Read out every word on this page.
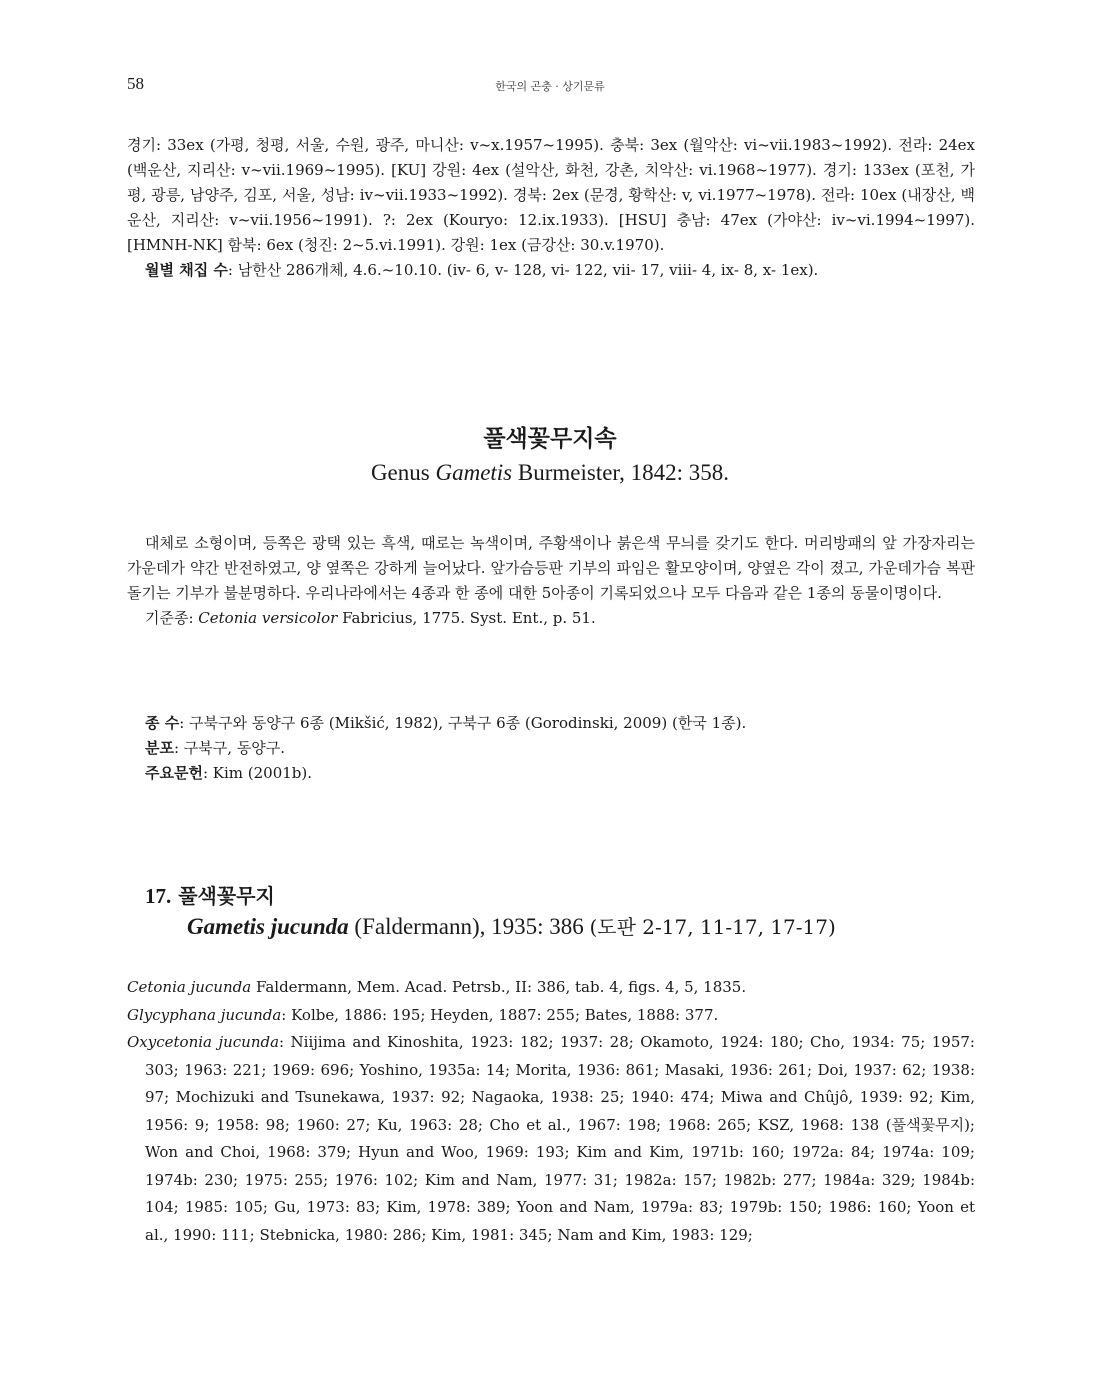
58	한국의 곤충 · 상기문류

경기: 33ex (가평, 청평, 서울, 수원, 광주, 마니산: v~x.1957~1995). 충북: 3ex (월악산: vi~vii.1983~1992). 전라: 24ex (백운산, 지리산: v~vii.1969~1995). [KU] 강원: 4ex (설악산, 화천, 강촌, 치악산: vi.1968~1977). 경기: 133ex (포천, 가평, 광릉, 남양주, 김포, 서울, 성남: iv~vii.1933~1992). 경북: 2ex (문경, 황학산: v, vi.1977~1978). 전라: 10ex (내장산, 백운산, 지리산: v~vii.1956~1991). ?: 2ex (Kouryo: 12.ix.1933). [HSU] 충남: 47ex (가야산: iv~vi.1994~1997). [HMNH-NK] 함북: 6ex (청진: 2~5.vi.1991). 강원: 1ex (금강산: 30.v.1970).

월별 채집 수: 남한산 286개체, 4.6.~10.10. (iv- 6, v- 128, vi- 122, vii- 17, viii- 4, ix- 8, x- 1ex).

풀색꽃무지속
Genus Gametis Burmeister, 1842: 358.

대체로 소형이며, 등쪽은 광택 있는 흑색, 때로는 녹색이며, 주황색이나 붉은색 무늬를 갖기도 한다. 머리방패의 앞 가장자리는 가운데가 약간 반전하였고, 양 옆쪽은 강하게 늘어났다. 앞가슴등판 기부의 파임은 활모양이며, 양옆은 각이 졌고, 가운데가슴 복판 돌기는 기부가 불분명하다. 우리나라에서는 4종과 한 종에 대한 5아종이 기록되었으나 모두 다음과 같은 1종의 동물이명이다.

기준종: Cetonia versicolor Fabricius, 1775. Syst. Ent., p. 51.

종 수: 구북구와 동양구 6종 (Mikšić, 1982), 구북구 6종 (Gorodinski, 2009) (한국 1종).

분포: 구북구, 동양구.

주요문헌: Kim (2001b).

17. 풀색꽃무지
Gametis jucunda (Faldermann), 1935: 386 (도판 2-17, 11-17, 17-17)

Cetonia jucunda Faldermann, Mem. Acad. Petrsb., II: 386, tab. 4, figs. 4, 5, 1835.

Glycyphana jucunda: Kolbe, 1886: 195; Heyden, 1887: 255; Bates, 1888: 377.

Oxycetonia jucunda: Niijima and Kinoshita, 1923: 182; 1937: 28; Okamoto, 1924: 180; Cho, 1934: 75; 1957: 303; 1963: 221; 1969: 696; Yoshino, 1935a: 14; Morita, 1936: 861; Masaki, 1936: 261; Doi, 1937: 62; 1938: 97; Mochizuki and Tsunekawa, 1937: 92; Nagaoka, 1938: 25; 1940: 474; Miwa and Chûjô, 1939: 92; Kim, 1956: 9; 1958: 98; 1960: 27; Ku, 1963: 28; Cho et al., 1967: 198; 1968: 265; KSZ, 1968: 138 (풀색꽃무지); Won and Choi, 1968: 379; Hyun and Woo, 1969: 193; Kim and Kim, 1971b: 160; 1972a: 84; 1974a: 109; 1974b: 230; 1975: 255; 1976: 102; Kim and Nam, 1977: 31; 1982a: 157; 1982b: 277; 1984a: 329; 1984b: 104; 1985: 105; Gu, 1973: 83; Kim, 1978: 389; Yoon and Nam, 1979a: 83; 1979b: 150; 1986: 160; Yoon et al., 1990: 111; Stebnicka, 1980: 286; Kim, 1981: 345; Nam and Kim, 1983: 129;
